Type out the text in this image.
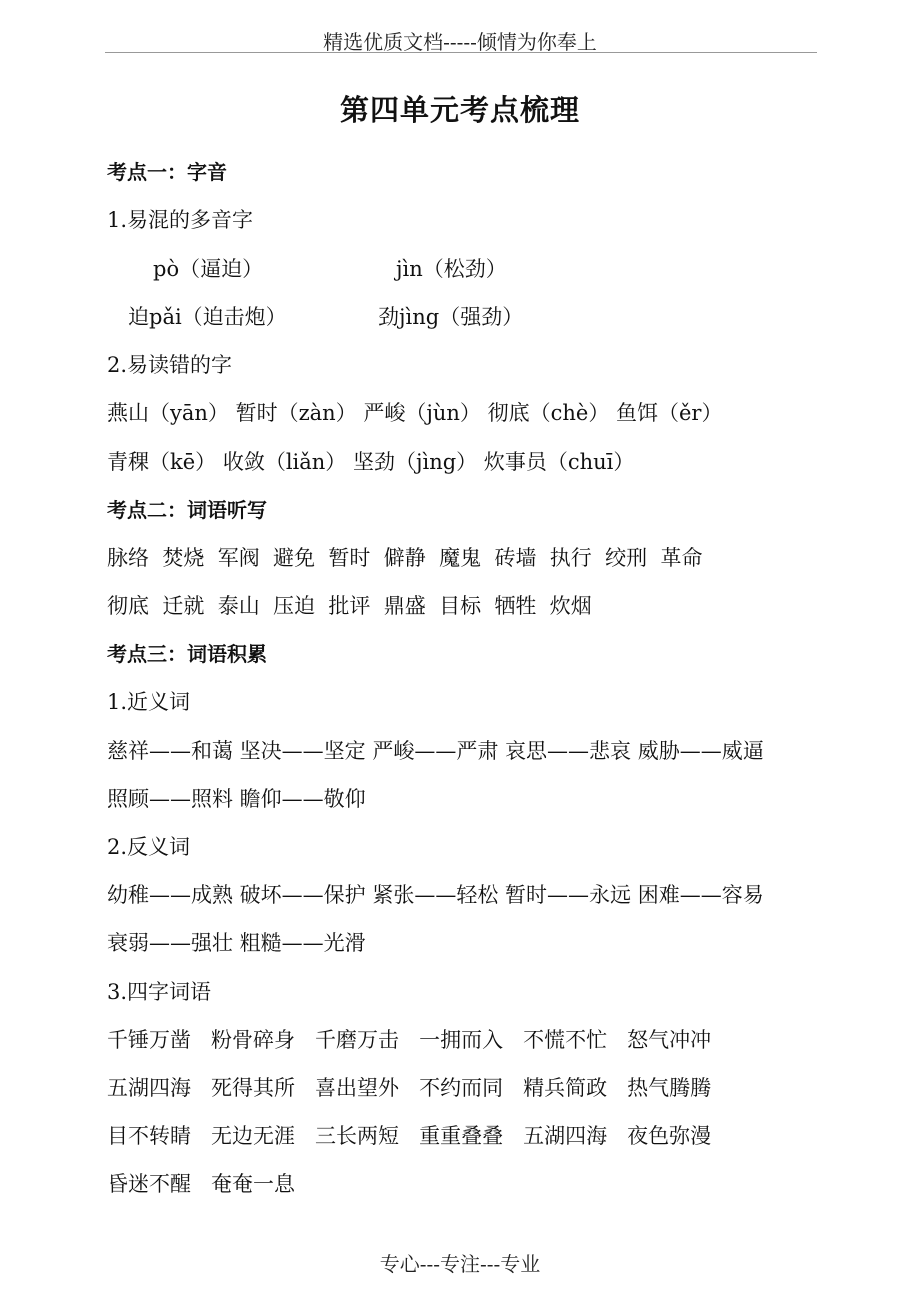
精选优质文档-----倾情为你奉上
第四单元考点梳理
考点一：字音
1.易混的多音字
pò（逼迫）	jìn（松劲）
迫pǎi（迫击炮）	劲jìng（强劲）
2.易读错的字
燕山（yān） 暂时（zàn） 严峻（jùn） 彻底（chè） 鱼饵（ěr）
青稞（kē） 收敛（liǎn） 坚劲（jìng） 炊事员（chuī）
考点二：词语听写
脉络  焚烧  军阀  避免  暂时  僻静  魔鬼  砖墙  执行  绞刑  革命
彻底  迁就  泰山  压迫  批评  鼎盛  目标  牺牲  炊烟
考点三：词语积累
1.近义词
慈祥——和蔼 坚决——坚定 严峻——严肃 哀思——悲哀 威胁——威逼
照顾——照料 瞻仰——敬仰
2.反义词
幼稚——成熟 破坏——保护 紧张——轻松 暂时——永远 困难——容易
衰弱——强壮 粗糙——光滑
3.四字词语
千锤万凿   粉骨碎身   千磨万击   一拥而入   不慌不忙   怒气冲冲
五湖四海   死得其所   喜出望外   不约而同   精兵简政   热气腾腾
目不转睛   无边无涯   三长两短   重重叠叠   五湖四海   夜色弥漫
昏迷不醒   奄奄一息
专心---专注---专业
